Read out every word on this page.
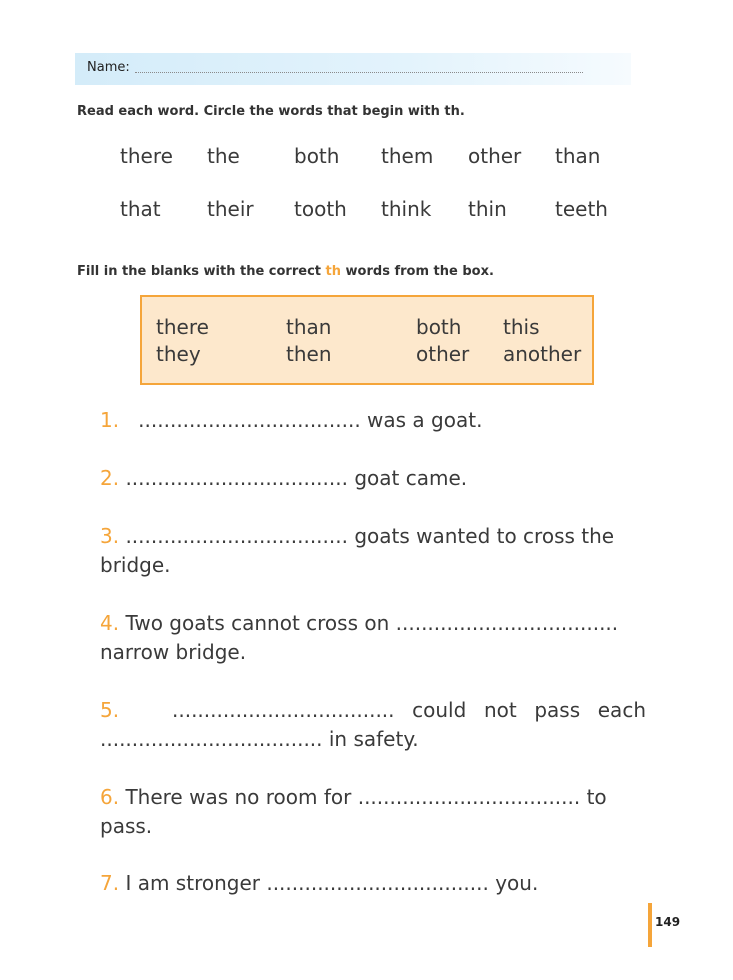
Name:
Read each word. Circle the words that begin with th.
there the	both them other than
that their tooth think thin teeth
Fill in the blanks with the correct th words from the box.
there	than	both this
they	then	other another
1. ................................... was a goat.
2. ................................... goat came.
3. ................................... goats wanted to cross the bridge.
4. Two goats cannot cross on ................................... narrow bridge.
5.	................................... could not pass each ................................... in safety.
6. There was no room for ................................... to pass.
7. I am stronger ................................... you.
149
